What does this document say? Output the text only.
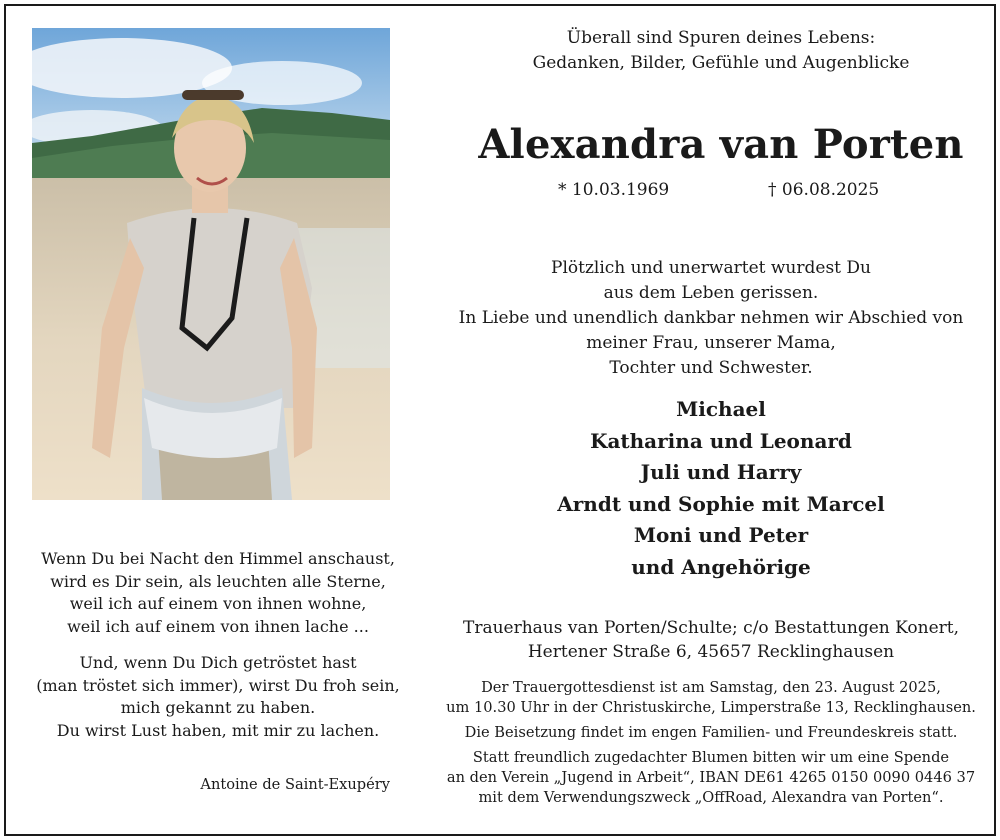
Überall sind Spuren deines Lebens:
Gedanken, Bilder, Gefühle und Augenblicke
Alexandra van Porten
* 10.03.1969	† 06.08.2025
Plötzlich und unerwartet wurdest Du
aus dem Leben gerissen.
In Liebe und unendlich dankbar nehmen wir Abschied von
meiner Frau, unserer Mama,
Tochter und Schwester.
Michael
Katharina und Leonard
Juli und Harry
Arndt und Sophie mit Marcel
Moni und Peter
und Angehörige
Trauerhaus van Porten/Schulte; c/o Bestattungen Konert,
Hertener Straße 6, 45657 Recklinghausen

Der Trauergottesdienst ist am Samstag, den 23. August 2025,
um 10.30 Uhr in der Christuskirche, Limperstraße 13, Recklinghausen.

Die Beisetzung findet im engen Familien- und Freundeskreis statt.

Statt freundlich zugedachter Blumen bitten wir um eine Spende
an den Verein „Jugend in Arbeit“, IBAN DE61 4265 0150 0090 0446 37
mit dem Verwendungszweck „OffRoad, Alexandra van Porten“.

Wenn Du bei Nacht den Himmel anschaust,
wird es Dir sein, als leuchten alle Sterne,
weil ich auf einem von ihnen wohne,
weil ich auf einem von ihnen lache ...

Und, wenn Du Dich getröstet hast
(man tröstet sich immer), wirst Du froh sein,
mich gekannt zu haben.
Du wirst Lust haben, mit mir zu lachen.

Antoine de Saint-Exupéry
